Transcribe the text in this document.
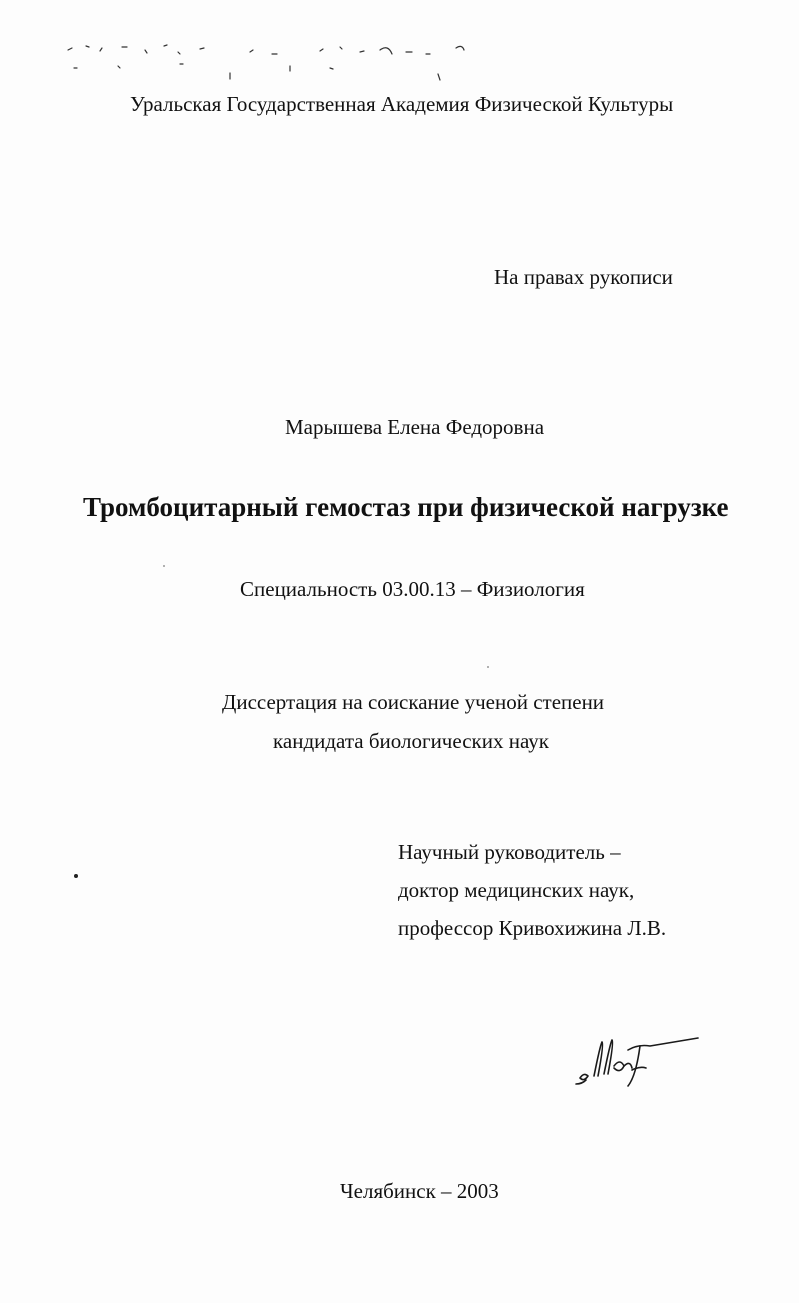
Уральская Государственная Академия Физической Культуры
На правах рукописи
Марышева Елена Федоровна
Тромбоцитарный гемостаз при физической нагрузке
Специальность 03.00.13 – Физиология
Диссертация на соискание ученой степени
кандидата биологических наук
Научный руководитель –
доктор медицинских наук,
профессор Кривохижина Л.В.
Челябинск – 2003
